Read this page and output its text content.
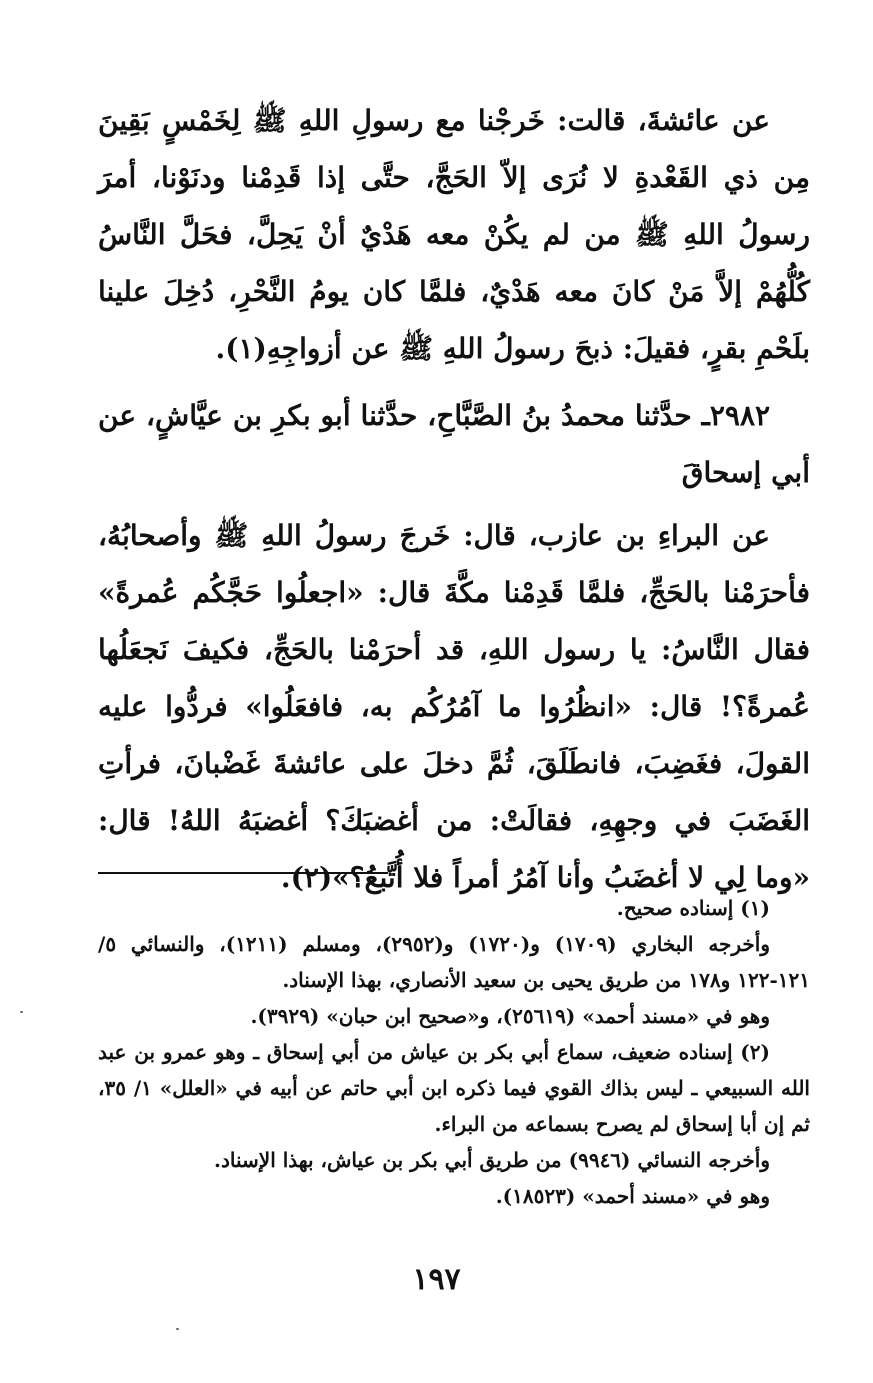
عن عائشةَ، قالت: خَرجْنا مع رسولِ اللهِ ﷺ لِخَمْسٍ بَقِينَ مِن ذي القَعْدةِ لا نُرَى إلاّ الحَجَّ، حتَّى إذا قَدِمْنا ودنَوْنا، أمرَ رسولُ اللهِ ﷺ من لم يكُنْ معه هَدْيٌ أنْ يَحِلَّ، فحَلَّ النَّاسُ كُلُّهُمْ إلاَّ مَنْ كانَ معه هَدْيٌ، فلمَّا كان يومُ النَّحْرِ، دُخِلَ علينا بلَحْمِ بقرٍ، فقيلَ: ذبحَ رسولُ اللهِ ﷺ عن أزواجِهِ(١).

٢٩٨٢ـ حدَّثنا محمدُ بنُ الصَّبَّاحِ، حدَّثنا أبو بكرِ بن عيَّاشٍ، عن أبي إسحاقَ

عن البراءِ بن عازب، قال: خَرجَ رسولُ اللهِ ﷺ وأصحابُهُ، فأحرَمْنا بالحَجِّ، فلمَّا قَدِمْنا مكَّةَ قال: «اجعلُوا حَجَّكُم عُمرةً» فقال النَّاسُ: يا رسول اللهِ، قد أحرَمْنا بالحَجِّ، فكيفَ نَجعَلُها عُمرةً؟! قال: «انظُرُوا ما آمُرُكُم به، فافعَلُوا» فردُّوا عليه القولَ، فغَضِبَ، فانطَلَقَ، ثُمَّ دخلَ على عائشةَ غَضْبانَ، فرأتِ الغَضَبَ في وجهِهِ، فقالَتْ: من أغضبَكَ؟ أغضبَهُ اللهُ! قال: «وما لِي لا أغضَبُ وأنا آمُرُ أمراً فلا أُتَّبعُ؟»(٢).

(١) إسناده صحيح.

وأخرجه البخاري (١٧٠٩) و(١٧٢٠) و(٢٩٥٢)، ومسلم (١٢١١)، والنسائي ٥/ ١٢١-١٢٢ و١٧٨ من طريق يحيى بن سعيد الأنصاري، بهذا الإسناد.

وهو في «مسند أحمد» (٢٥٦١٩)، و«صحيح ابن حبان» (٣٩٢٩).

(٢) إسناده ضعيف، سماع أبي بكر بن عياش من أبي إسحاق ـ وهو عمرو بن عبد الله السبيعي ـ ليس بذاك القوي فيما ذكره ابن أبي حاتم عن أبيه في «العلل» ١/ ٣٥، ثم إن أبا إسحاق لم يصرح بسماعه من البراء.

وأخرجه النسائي (٩٩٤٦) من طريق أبي بكر بن عياش، بهذا الإسناد.

وهو في «مسند أحمد» (١٨٥٢٣).

١٩٧
